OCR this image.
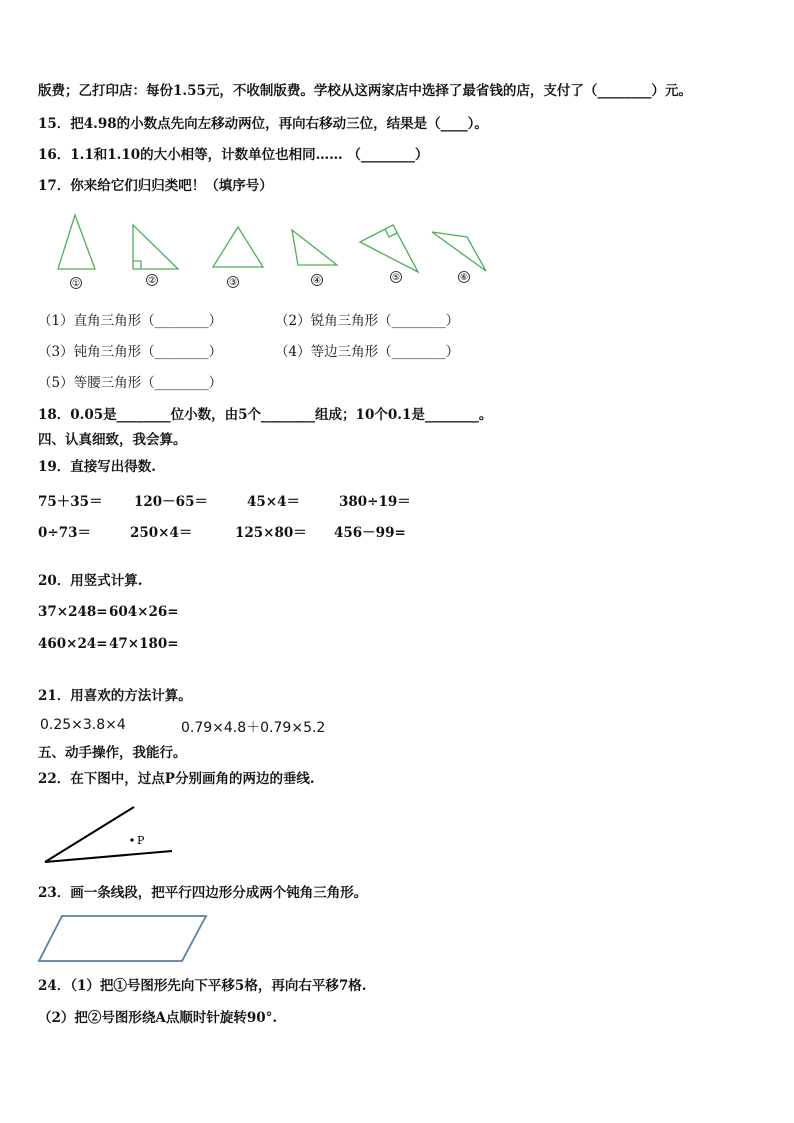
版费；乙打印店：每份1.55元，不收制版费。学校从这两家店中选择了最省钱的店，支付了（________）元。
15．把4.98的小数点先向左移动两位，再向右移动三位，结果是（____）。
16．1.1和1.10的大小相等，计数单位也相同…… （________）
17．你来给它们归归类吧！（填序号）
①	②	③	④	⑤	⑥
（1）直角三角形（________）	（2）锐角三角形（________）
（3）钝角三角形（________）	（4）等边三角形（________）
（5）等腰三角形（________）
18．0.05是________位小数，由5个________组成；10个0.1是________。
四、认真细致，我会算。
19．直接写出得数.
75＋35＝ 120－65＝	45×4＝	380÷19＝
0÷73＝	250×4＝	125×80＝ 456－99=
20．用竖式计算.
37×248= 604×26=
460×24= 47×180=
21．用喜欢的方法计算。
0.25×3.8×4	0.79×4.8＋0.79×5.2
五、动手操作，我能行。
22．在下图中，过点P分别画角的两边的垂线.
P
23．画一条线段，把平行四边形分成两个钝角三角形。
24．（1）把①号图形先向下平移5格，再向右平移7格.
（2）把②号图形绕A点顺时针旋转90°.
